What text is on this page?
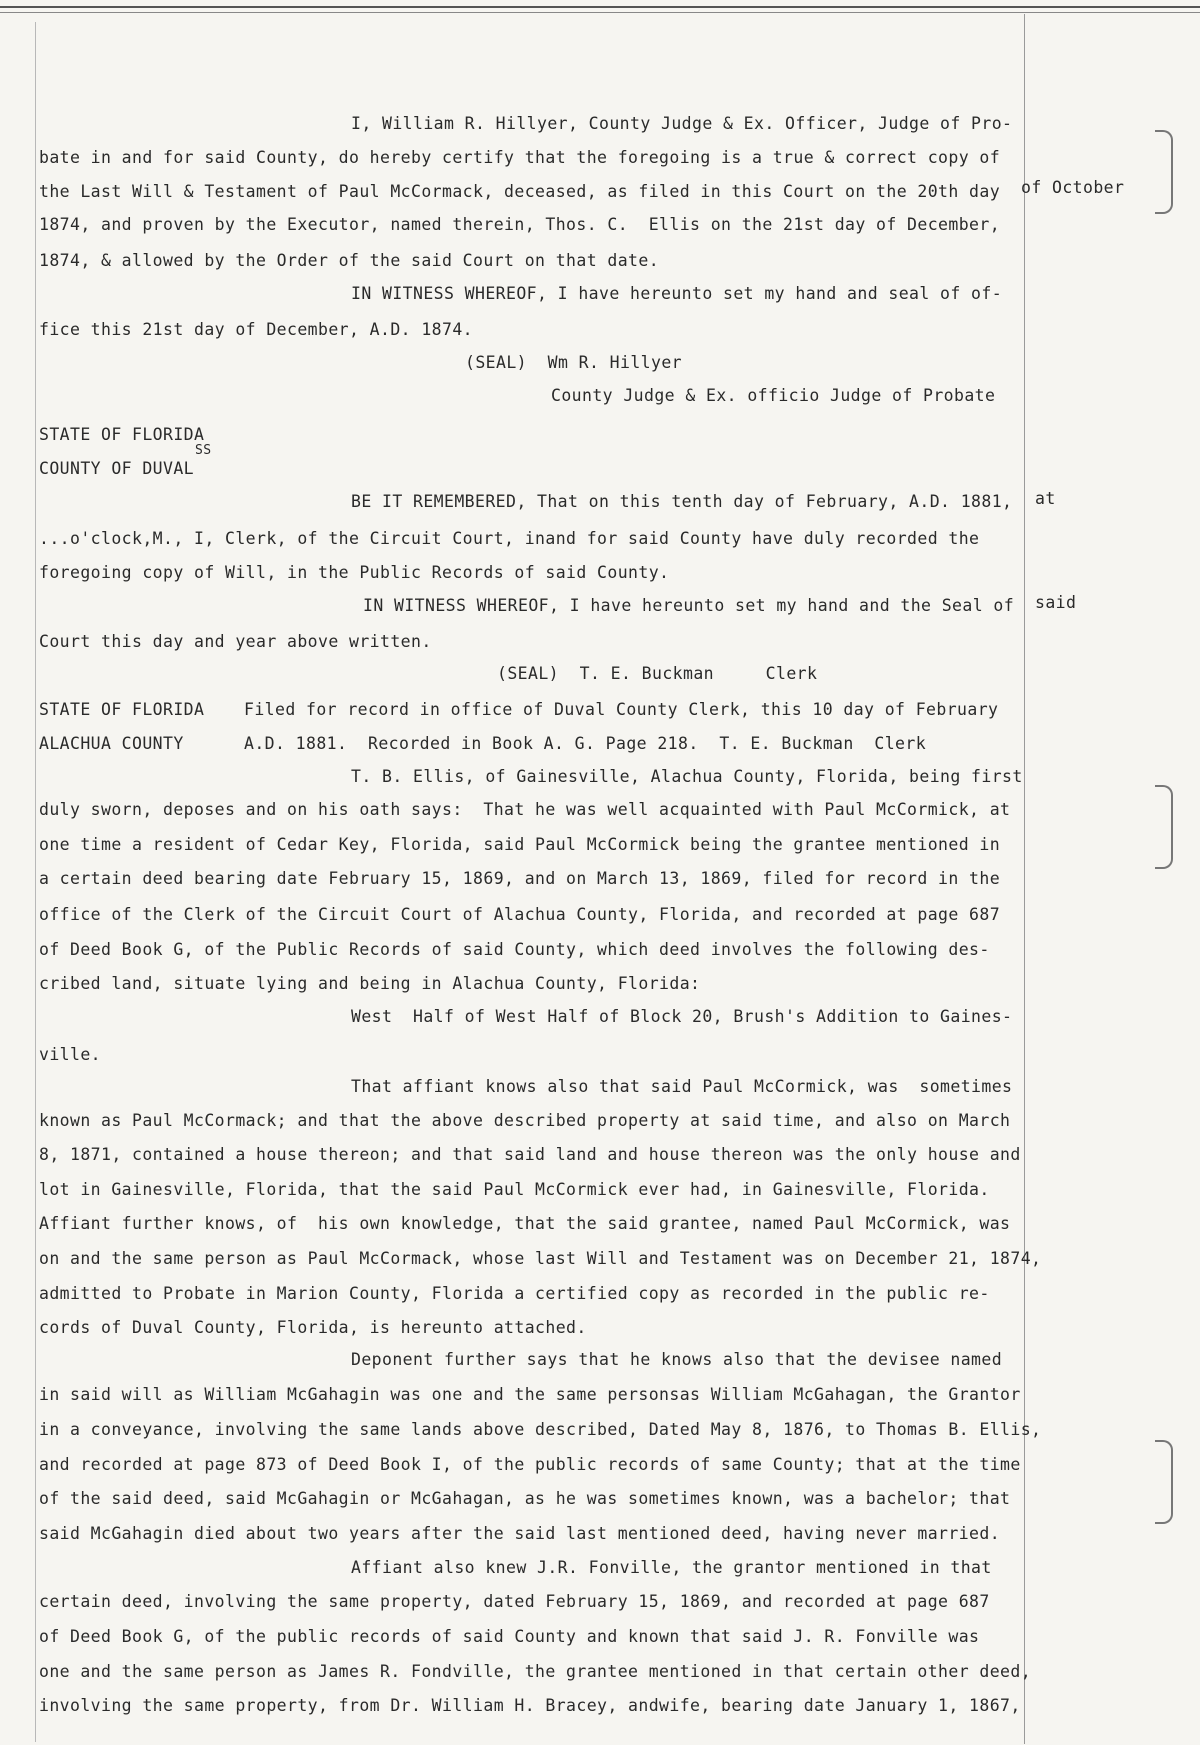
I, William R. Hillyer, County Judge & Ex. Officer, Judge of Pro-
bate in and for said County, do hereby certify that the foregoing is a true & correct copy of
the Last Will & Testament of Paul McCormack, deceased, as filed in this Court on the 20th day of October
1874, and proven by the Executor, named therein, Thos. C.  Ellis on the 21st day of December,
1874, & allowed by the Order of the said Court on that date.
IN WITNESS WHEREOF, I have hereunto set my hand and seal of of-
fice this 21st day of December, A.D. 1874.
(SEAL)  Wm R. Hillyer
County Judge & Ex. officio Judge of Probate
STATE OF FLORIDA
SS
COUNTY OF DUVAL
BE IT REMEMBERED, That on this tenth day of February, A.D. 1881, at
...o'clock,M., I, Clerk, of the Circuit Court, inand for said County have duly recorded the
foregoing copy of Will, in the Public Records of said County.
IN WITNESS WHEREOF, I have hereunto set my hand and the Seal of said
Court this day and year above written.
(SEAL)  T. E. Buckman     Clerk
STATE OF FLORIDA Filed for record in office of Duval County Clerk, this 10 day of February
ALACHUA COUNTY	A.D. 1881.  Recorded in Book A. G. Page 218.  T. E. Buckman  Clerk
T. B. Ellis, of Gainesville, Alachua County, Florida, being first
duly sworn, deposes and on his oath says:  That he was well acquainted with Paul McCormick, at
one time a resident of Cedar Key, Florida, said Paul McCormick being the grantee mentioned in
a certain deed bearing date February 15, 1869, and on March 13, 1869, filed for record in the
office of the Clerk of the Circuit Court of Alachua County, Florida, and recorded at page 687
of Deed Book G, of the Public Records of said County, which deed involves the following des-
cribed land, situate lying and being in Alachua County, Florida:
West  Half of West Half of Block 20, Brush's Addition to Gaines-
ville.
That affiant knows also that said Paul McCormick, was  sometimes
known as Paul McCormack; and that the above described property at said time, and also on March
8, 1871, contained a house thereon; and that said land and house thereon was the only house and
lot in Gainesville, Florida, that the said Paul McCormick ever had, in Gainesville, Florida.
Affiant further knows, of  his own knowledge, that the said grantee, named Paul McCormick, was
on and the same person as Paul McCormack, whose last Will and Testament was on December 21, 1874,
admitted to Probate in Marion County, Florida a certified copy as recorded in the public re-
cords of Duval County, Florida, is hereunto attached.
Deponent further says that he knows also that the devisee named
in said will as William McGahagin was one and the same personsas William McGahagan, the Grantor
in a conveyance, involving the same lands above described, Dated May 8, 1876, to Thomas B. Ellis,
and recorded at page 873 of Deed Book I, of the public records of same County; that at the time
of the said deed, said McGahagin or McGahagan, as he was sometimes known, was a bachelor; that
said McGahagin died about two years after the said last mentioned deed, having never married.
Affiant also knew J.R. Fonville, the grantor mentioned in that
certain deed, involving the same property, dated February 15, 1869, and recorded at page 687
of Deed Book G, of the public records of said County and known that said J. R. Fonville was
one and the same person as James R. Fondville, the grantee mentioned in that certain other deed,
involving the same property, from Dr. William H. Bracey, andwife, bearing date January 1, 1867,
